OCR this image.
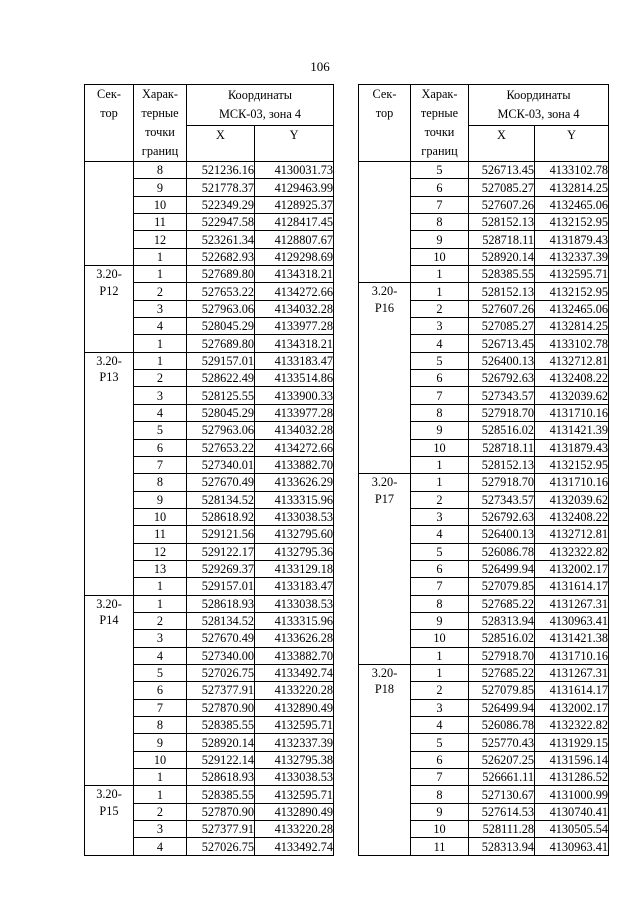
106
Сек-
тор	Харак-
терные
точки
границ	Координаты
МСК-03, зона 4	
		X	Y
	8	521236.16	4130031.73
	9	521778.37	4129463.99
	10	522349.29	4128925.37
	11	522947.58	4128417.45
	12	523261.34	4128807.67
	1	522682.93	4129298.69
3.20-
Р12	1	527689.80	4134318.21
	2	527653.22	4134272.66
	3	527963.06	4134032.28
	4	528045.29	4133977.28
	1	527689.80	4134318.21
3.20-
Р13	1	529157.01	4133183.47
	2	528622.49	4133514.86
	3	528125.55	4133900.33
	4	528045.29	4133977.28
	5	527963.06	4134032.28
	6	527653.22	4134272.66
	7	527340.01	4133882.70
	8	527670.49	4133626.29
	9	528134.52	4133315.96
	10	528618.92	4133038.53
	11	529121.56	4132795.60
	12	529122.17	4132795.36
	13	529269.37	4133129.18
	1	529157.01	4133183.47
3.20-
Р14	1	528618.93	4133038.53
	2	528134.52	4133315.96
	3	527670.49	4133626.28
	4	527340.00	4133882.70
	5	527026.75	4133492.74
	6	527377.91	4133220.28
	7	527870.90	4132890.49
	8	528385.55	4132595.71
	9	528920.14	4132337.39
	10	529122.14	4132795.38
	1	528618.93	4133038.53
3.20-
Р15	1	528385.55	4132595.71
	2	527870.90	4132890.49
	3	527377.91	4133220.28
	4	527026.75	4133492.74
Сек-
тор	Харак-
терные
точки
границ	Координаты
МСК-03, зона 4	
		X	Y
	5	526713.45	4133102.78
	6	527085.27	4132814.25
	7	527607.26	4132465.06
	8	528152.13	4132152.95
	9	528718.11	4131879.43
	10	528920.14	4132337.39
	1	528385.55	4132595.71
3.20-
Р16	1	528152.13	4132152.95
	2	527607.26	4132465.06
	3	527085.27	4132814.25
	4	526713.45	4133102.78
	5	526400.13	4132712.81
	6	526792.63	4132408.22
	7	527343.57	4132039.62
	8	527918.70	4131710.16
	9	528516.02	4131421.39
	10	528718.11	4131879.43
	1	528152.13	4132152.95
3.20-
Р17	1	527918.70	4131710.16
	2	527343.57	4132039.62
	3	526792.63	4132408.22
	4	526400.13	4132712.81
	5	526086.78	4132322.82
	6	526499.94	4132002.17
	7	527079.85	4131614.17
	8	527685.22	4131267.31
	9	528313.94	4130963.41
	10	528516.02	4131421.38
	1	527918.70	4131710.16
3.20-
Р18	1	527685.22	4131267.31
	2	527079.85	4131614.17
	3	526499.94	4132002.17
	4	526086.78	4132322.82
	5	525770.43	4131929.15
	6	526207.25	4131596.14
	7	526661.11	4131286.52
	8	527130.67	4131000.99
	9	527614.53	4130740.41
	10	528111.28	4130505.54
	11	528313.94	4130963.41
